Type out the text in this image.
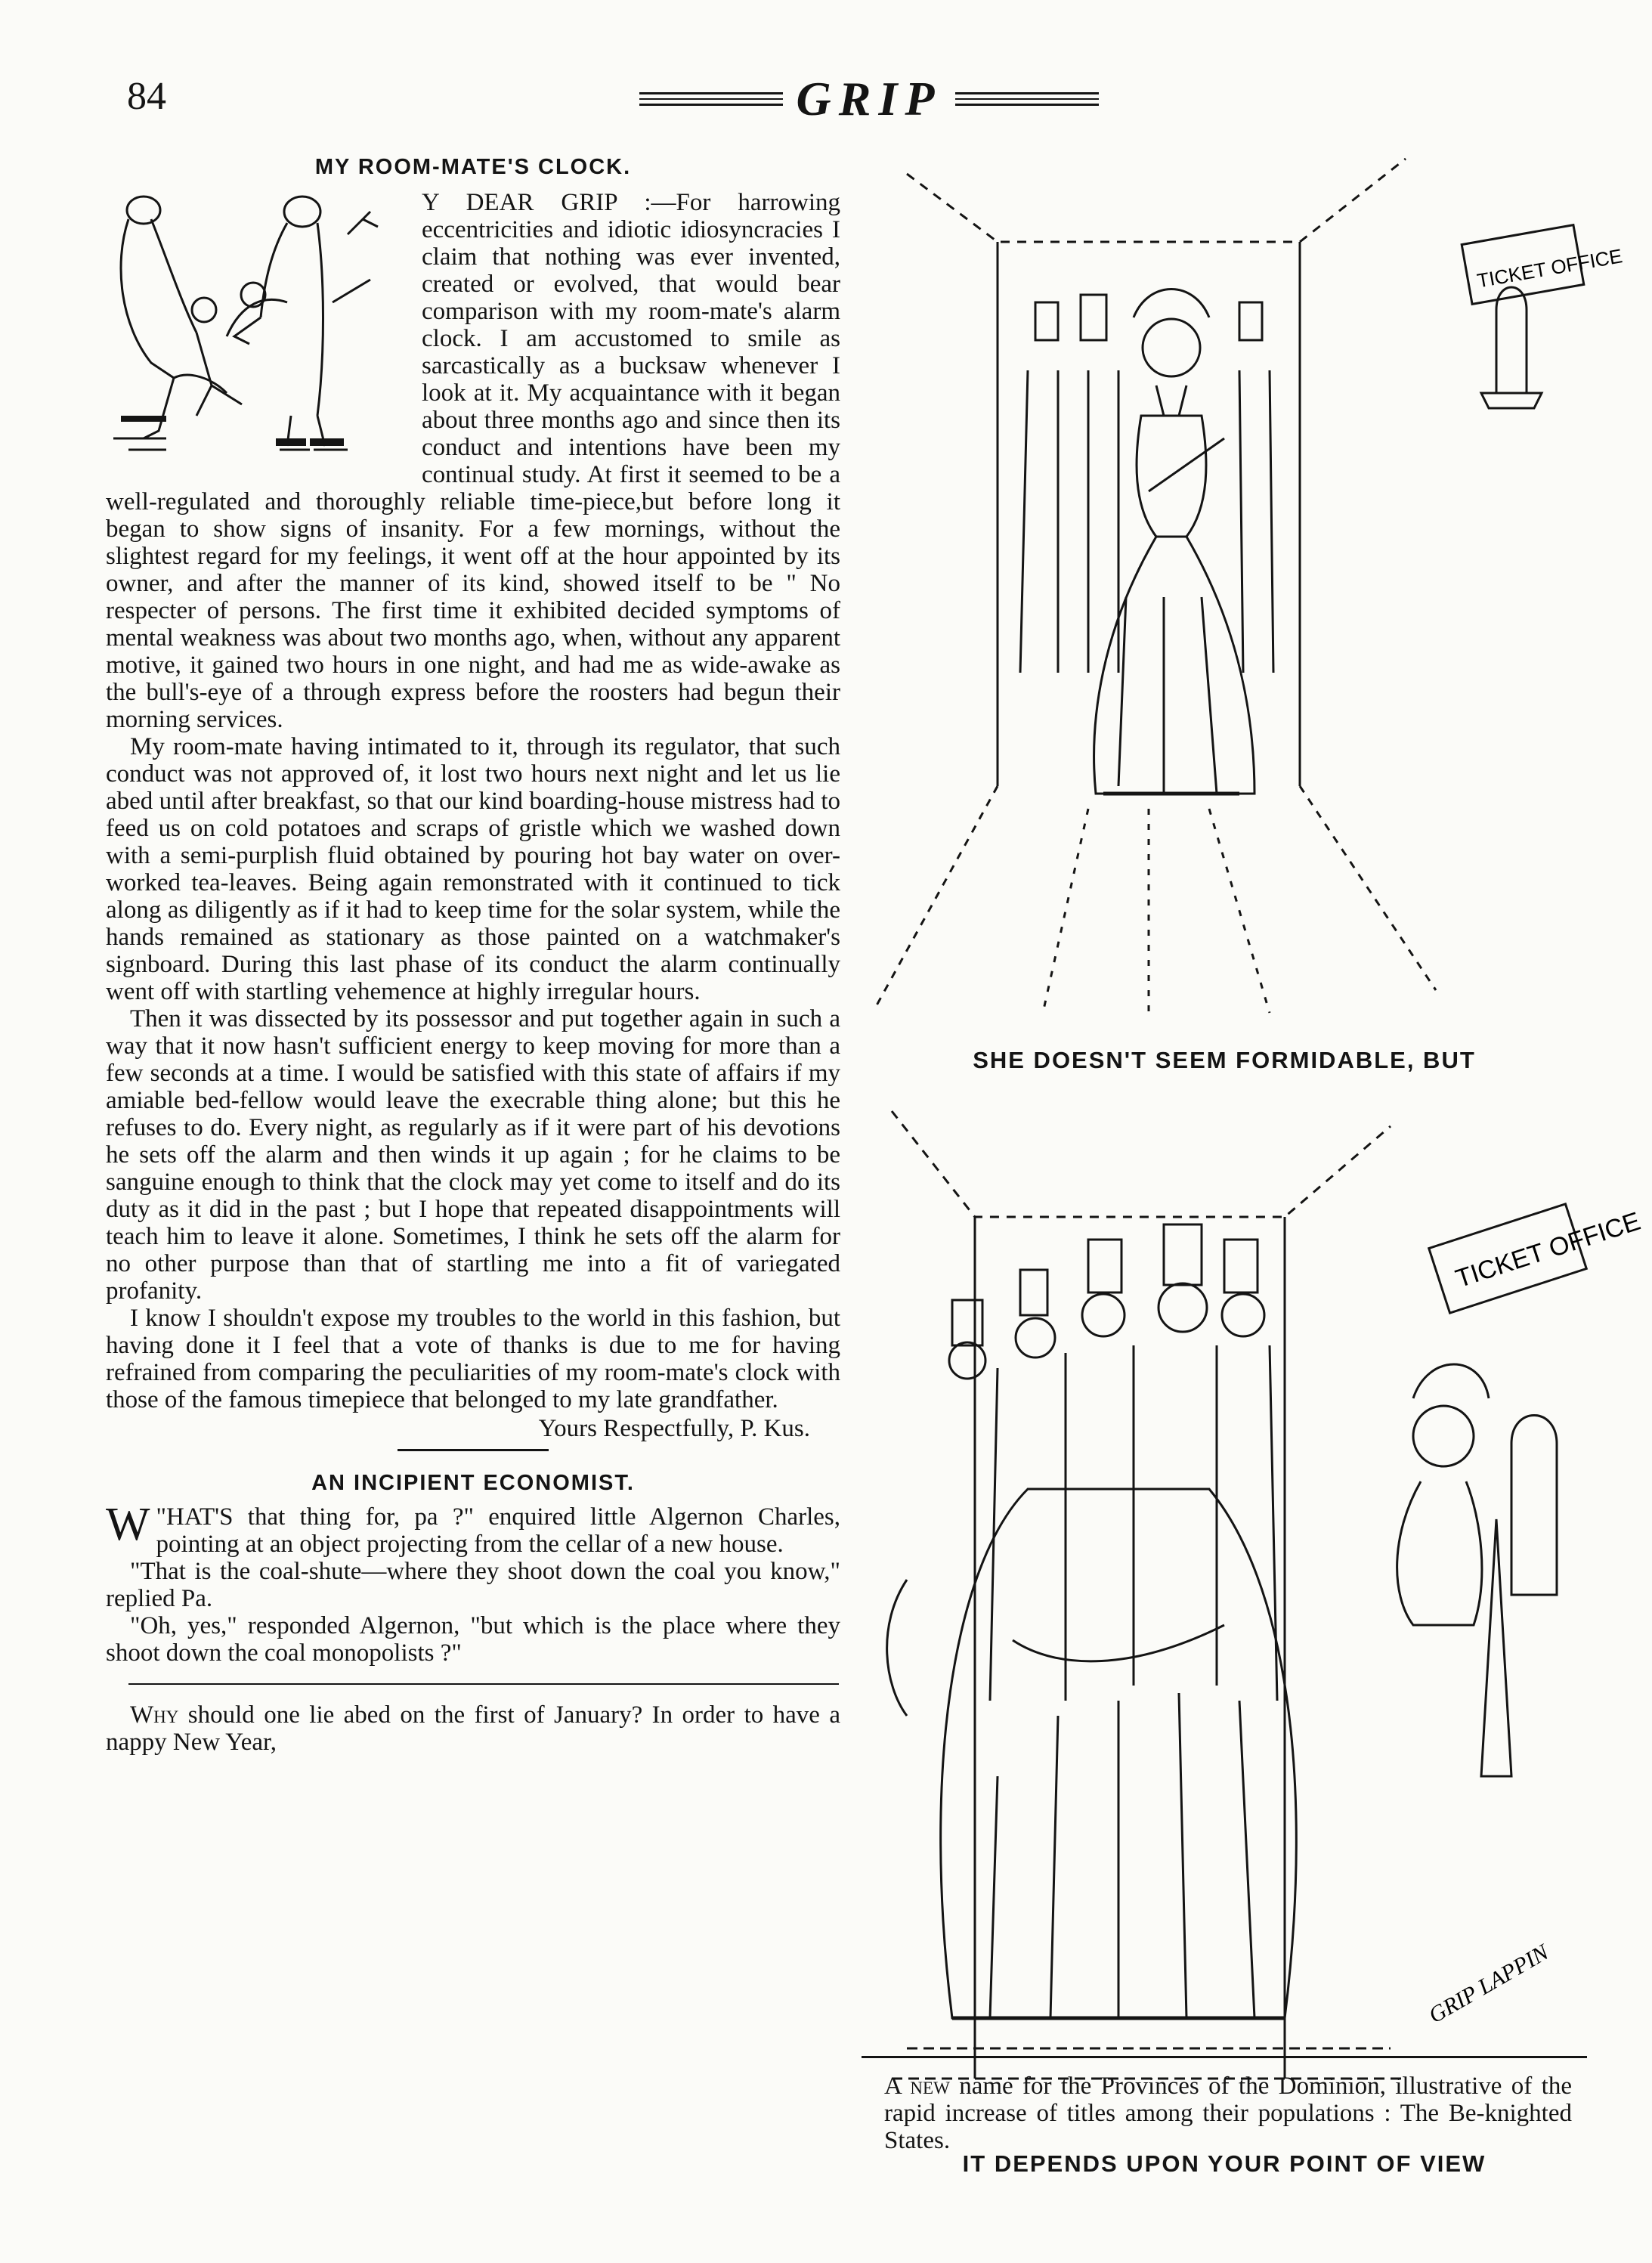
84	GRIP
MY ROOM-MATE'S CLOCK.

Y DEAR GRIP :—For harrowing eccentricities and idiotic idiosyncracies I claim that nothing was ever invented, created or evolved, that would bear comparison with my room-mate's alarm clock. I am accustomed to smile as sarcastically as a bucksaw whenever I look at it. My acquaintance with it began about three months ago and since then its conduct and intentions have been my continual study. At first it seemed to be a well-regulated and thoroughly reliable time-piece,but before long it began to show signs of insanity. For a few mornings, without the slightest regard for my feelings, it went off at the hour appointed by its owner, and after the manner of its kind, showed itself to be " No respecter of persons. The first time it exhibited decided symptoms of mental weakness was about two months ago, when, without any apparent motive, it gained two hours in one night, and had me as wide-awake as the bull's-eye of a through express before the roosters had begun their morning services.

My room-mate having intimated to it, through its regulator, that such conduct was not approved of, it lost two hours next night and let us lie abed until after breakfast, so that our kind boarding-house mistress had to feed us on cold potatoes and scraps of gristle which we washed down with a semi-purplish fluid obtained by pouring hot bay water on over-worked tea-leaves. Being again remonstrated with it continued to tick along as diligently as if it had to keep time for the solar system, while the hands remained as stationary as those painted on a watchmaker's signboard. During this last phase of its conduct the alarm continually went off with startling vehemence at highly irregular hours.

Then it was dissected by its possessor and put together again in such a way that it now hasn't sufficient energy to keep moving for more than a few seconds at a time. I would be satisfied with this state of affairs if my amiable bed-fellow would leave the execrable thing alone; but this he refuses to do. Every night, as regularly as if it were part of his devotions he sets off the alarm and then winds it up again ; for he claims to be sanguine enough to think that the clock may yet come to itself and do its duty as it did in the past ; but I hope that repeated disappointments will teach him to leave it alone. Sometimes, I think he sets off the alarm for no other purpose than that of startling me into a fit of variegated profanity.

I know I shouldn't expose my troubles to the world in this fashion, but having done it I feel that a vote of thanks is due to me for having refrained from comparing the peculiarities of my room-mate's clock with those of the famous timepiece that belonged to my late grandfather.

Yours Respectfully, P. Kus.
AN INCIPIENT ECONOMIST.

"
W HAT'S that thing for, pa ?" enquired little Algernon Charles, pointing at an object projecting from the cellar of a new house.

"That is the coal-shute—where they shoot down the coal you know," replied Pa.

"Oh, yes," responded Algernon, "but which is the place where they shoot down the coal monopolists ?"

Why should one lie abed on the first of January? In order to have a nappy New Year,

TICKET OFFICE
SHE DOESN'T SEEM FORMIDABLE, BUT
TICKET OFFICE
GRIP LAPPIN
IT DEPENDS UPON YOUR POINT OF VIEW
A new name for the Provinces of the Dominion, illustrative of the rapid increase of titles among their populations : The Be-knighted States.
